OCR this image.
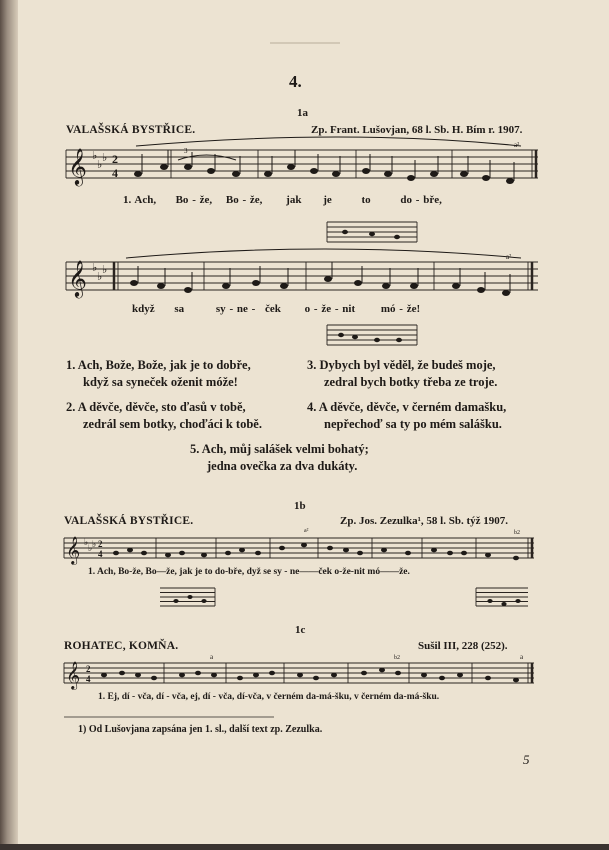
4.
1a
VALAŠSKÁ BYSTŘICE.	Zp. Frant. Lušovjan, 68 l. Sb. H. Bím r. 1907.
𝄞 ♭
♭
♭ 2
4
3
a²
1. Ach, Bo - že, Bo - že, jak je	to	do - bře,
𝄞 ♭
♭
♭
a²
když sa	sy - ne - ček o - že - nit mó - že!
1. Ach, Bože, Bože, jak je to dobře,
když sa syneček oženit móže!
3. Dybych byl věděl, že budeš moje,
zedral bych botky třeba ze troje.
2. A děvče, děvče, sto ďasů v tobě,
zedrál sem botky, choďáci k tobě.
4. A děvče, děvče, v černém damašku,
nepřechoď sa ty po mém salášku.
5. Ach, můj salášek velmi bohatý;
jedna ovečka za dva dukáty.
1b
VALAŠSKÁ BYSTŘICE.	Zp. Jos. Zezulka¹, 58 l. Sb. týž 1907.
𝄞 ♭
♭ ♭ 2
4
a²	b2
1. Ach, Bo-že, Bo—že, jak je to do-bře, dyž se sy - ne——ček o-že-nit mó——že.
1c
ROHATEC, KOMŇA.	Sušil III, 228 (252).
𝄞 2
4
a	b2	a
1. Ej, dí - vča, dí - vča, ej, dí - vča, dí-vča, v černém da-má-šku, v černém da-má-šku.
1) Od Lušovjana zapsána jen 1. sl., další text zp. Zezulka.
5
